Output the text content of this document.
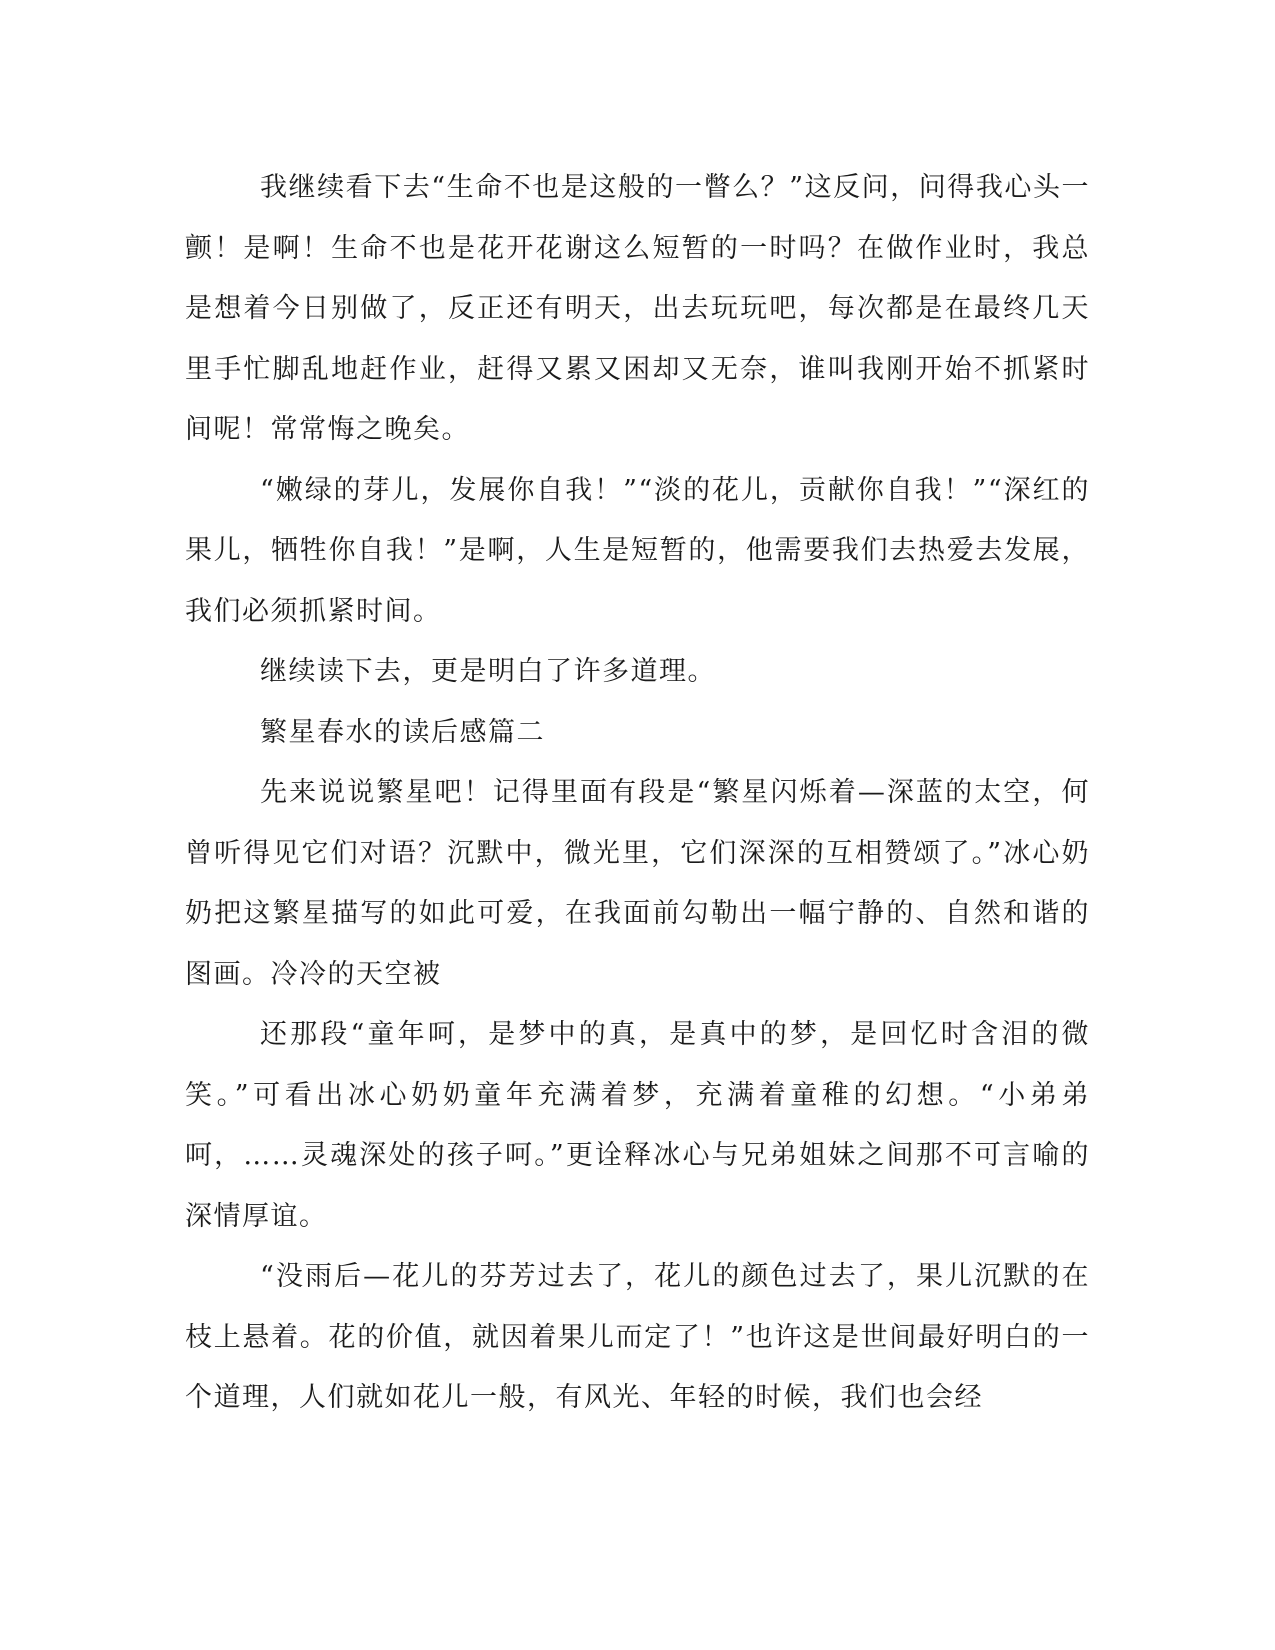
我继续看下去“生命不也是这般的一瞥么？”这反问，问得我心头一颤！是啊！生命不也是花开花谢这么短暂的一时吗？在做作业时，我总是想着今日别做了，反正还有明天，出去玩玩吧，每次都是在最终几天里手忙脚乱地赶作业，赶得又累又困却又无奈，谁叫我刚开始不抓紧时间呢！常常悔之晚矣。

“嫩绿的芽儿，发展你自我！”“淡的花儿，贡献你自我！”“深红的果儿，牺牲你自我！”是啊，人生是短暂的，他需要我们去热爱去发展，我们必须抓紧时间。

继续读下去，更是明白了许多道理。

繁星春水的读后感篇二

先来说说繁星吧！记得里面有段是“繁星闪烁着—深蓝的太空，何曾听得见它们对语？沉默中，微光里，它们深深的互相赞颂了。”冰心奶奶把这繁星描写的如此可爱，在我面前勾勒出一幅宁静的、自然和谐的图画。冷冷的天空被

还那段“童年呵，是梦中的真，是真中的梦，是回忆时含泪的微笑。”可看出冰心奶奶童年充满着梦，充满着童稚的幻想。“小弟弟呵，……灵魂深处的孩子呵。”更诠释冰心与兄弟姐妹之间那不可言喻的深情厚谊。

“没雨后—花儿的芬芳过去了，花儿的颜色过去了，果儿沉默的在枝上悬着。花的价值，就因着果儿而定了！”也许这是世间最好明白的一个道理，人们就如花儿一般，有风光、年轻的时候，我们也会经
